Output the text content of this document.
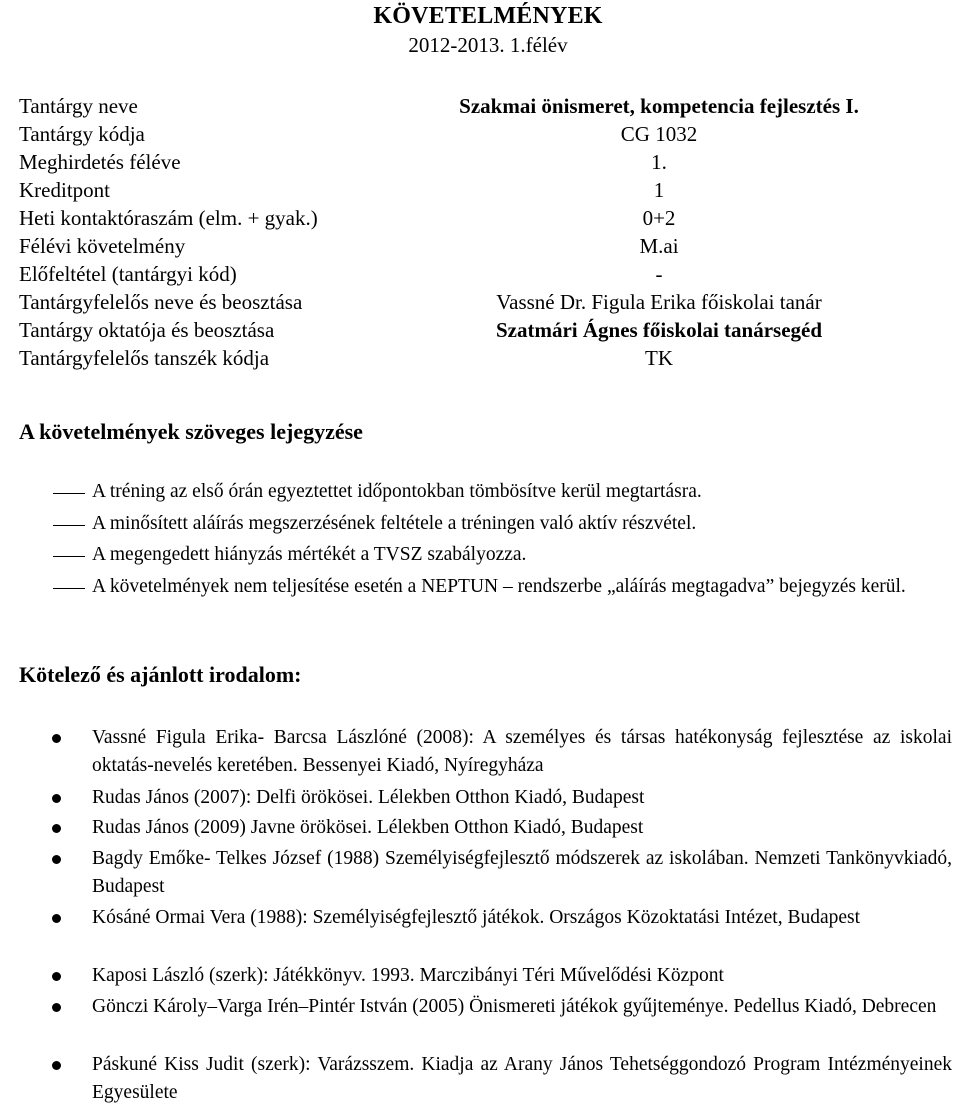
KÖVETELMÉNYEK
2012-2013. 1.félév
Tantárgy neve	Szakmai önismeret, kompetencia fejlesztés I.
Tantárgy kódja	CG 1032
Meghirdetés féléve	1.
Kreditpont	1
Heti kontaktóraszám (elm. + gyak.)	0+2
Félévi követelmény	M.ai
Előfeltétel (tantárgyi kód)	-
Tantárgyfelelős neve és beosztása	Vassné Dr. Figula Erika főiskolai tanár
Tantárgy oktatója és beosztása	Szatmári Ágnes főiskolai tanársegéd
Tantárgyfelelős tanszék kódja	TK
A követelmények szöveges lejegyzése
A tréning az első órán egyeztettet időpontokban tömbösítve kerül megtartásra.
A minősített aláírás megszerzésének feltétele a tréningen való aktív részvétel.
A megengedett hiányzás mértékét a TVSZ szabályozza.
A követelmények nem teljesítése esetén a NEPTUN – rendszerbe „aláírás megtagadva” bejegyzés kerül.
Kötelező és ajánlott irodalom:
Vassné Figula Erika- Barcsa Lászlóné (2008): A személyes és társas hatékonyság fejlesztése az iskolai oktatás-nevelés keretében. Bessenyei Kiadó, Nyíregyháza
Rudas János (2007): Delfi örökösei. Lélekben Otthon Kiadó, Budapest
Rudas János (2009) Javne örökösei. Lélekben Otthon Kiadó, Budapest
Bagdy Emőke- Telkes József (1988) Személyiségfejlesztő módszerek az iskolában. Nemzeti Tankönyvkiadó, Budapest
Kósáné Ormai Vera (1988): Személyiségfejlesztő játékok. Országos Közoktatási Intézet, Budapest
Kaposi László (szerk): Játékkönyv. 1993. Marczibányi Téri Művelődési Központ
Gönczi Károly–Varga Irén–Pintér István (2005) Önismereti játékok gyűjteménye. Pedellus Kiadó, Debrecen
Páskuné Kiss Judit (szerk): Varázsszem. Kiadja az Arany János Tehetséggondozó Program Intézményeinek Egyesülete
